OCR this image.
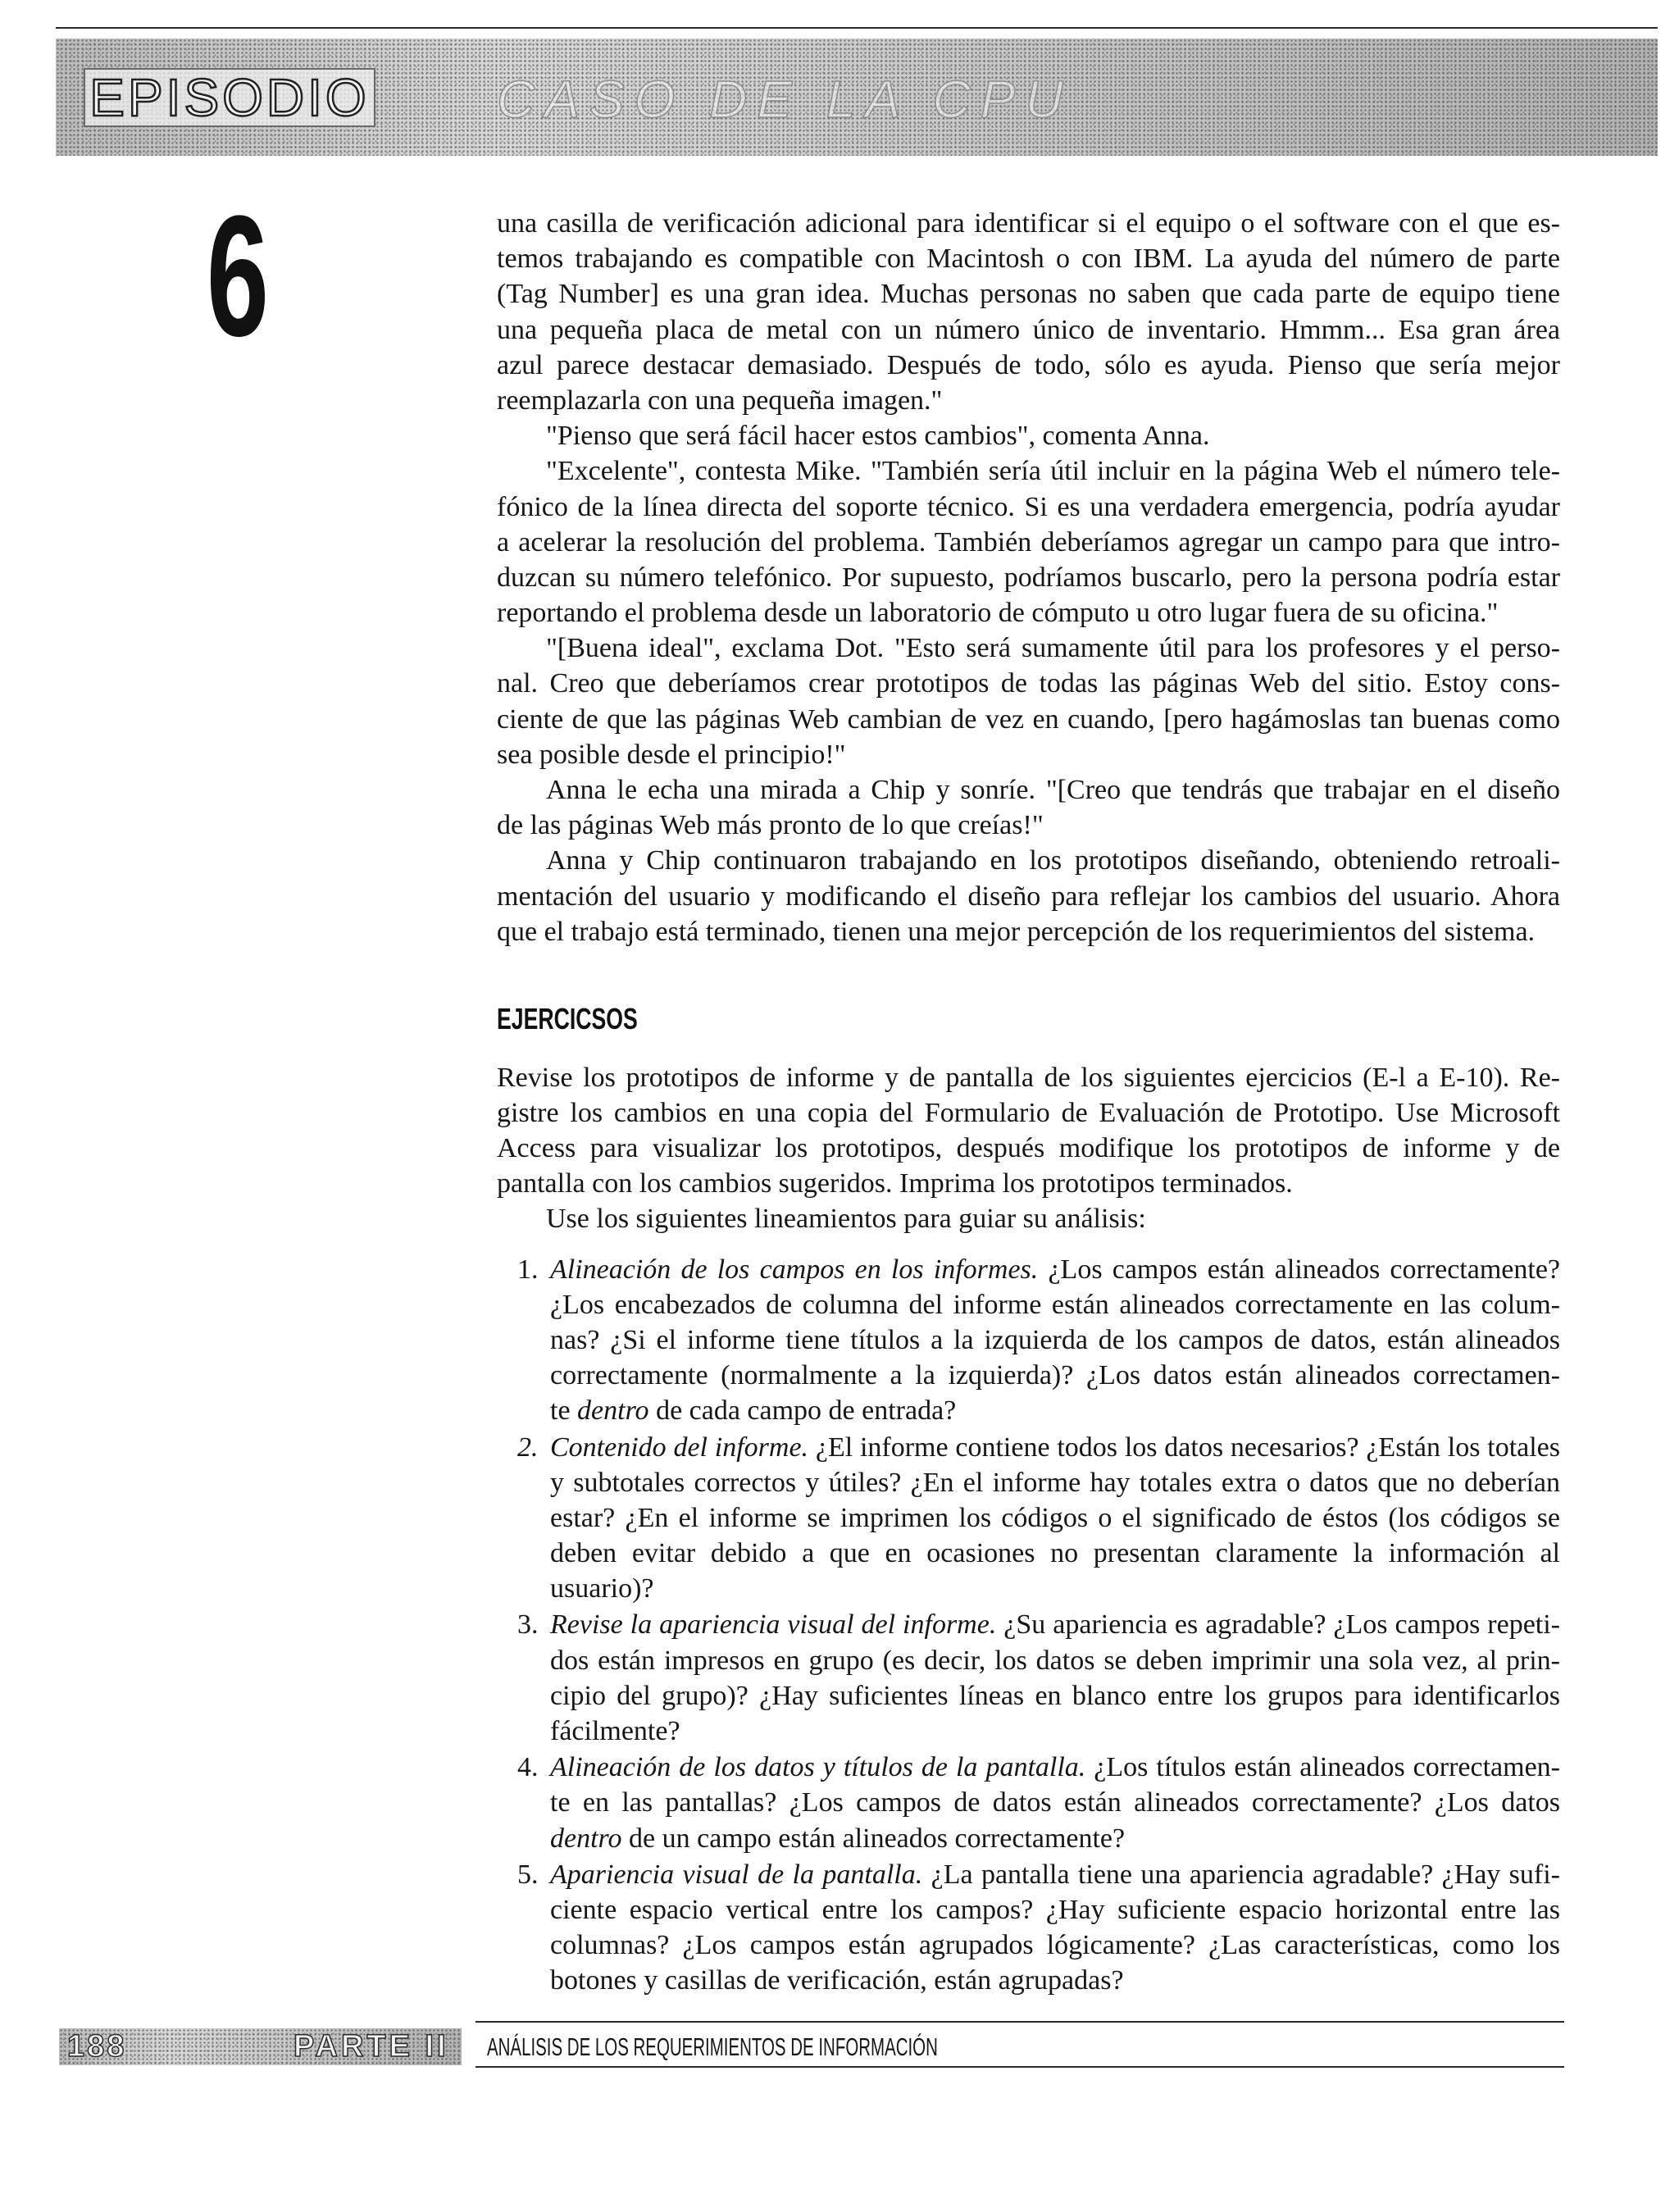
EPISODIO CASO DE LA CPU
6	una casilla de verificación adicional para identificar si el equipo o el software con el que es-
temos trabajando es compatible con Macintosh o con IBM. La ayuda del número de parte
(Tag Number] es una gran idea. Muchas personas no saben que cada parte de equipo tiene
una pequeña placa de metal con un número único de inventario. Hmmm... Esa gran área
azul parece destacar demasiado. Después de todo, sólo es ayuda. Pienso que sería mejor
reemplazarla con una pequeña imagen."
"Pienso que será fácil hacer estos cambios", comenta Anna.
"Excelente", contesta Mike. "También sería útil incluir en la página Web el número tele-
fónico de la línea directa del soporte técnico. Si es una verdadera emergencia, podría ayudar
a acelerar la resolución del problema. También deberíamos agregar un campo para que intro-
duzcan su número telefónico. Por supuesto, podríamos buscarlo, pero la persona podría estar
reportando el problema desde un laboratorio de cómputo u otro lugar fuera de su oficina."
"[Buena ideal", exclama Dot. "Esto será sumamente útil para los profesores y el perso-
nal. Creo que deberíamos crear prototipos de todas las páginas Web del sitio. Estoy cons-
ciente de que las páginas Web cambian de vez en cuando, [pero hagámoslas tan buenas como
sea posible desde el principio!"
Anna le echa una mirada a Chip y sonríe. "[Creo que tendrás que trabajar en el diseño
de las páginas Web más pronto de lo que creías!"
Anna y Chip continuaron trabajando en los prototipos diseñando, obteniendo retroali-
mentación del usuario y modificando el diseño para reflejar los cambios del usuario. Ahora
que el trabajo está terminado, tienen una mejor percepción de los requerimientos del sistema.
EJERCICSOS
Revise los prototipos de informe y de pantalla de los siguientes ejercicios (E-l a E-10). Re-
gistre los cambios en una copia del Formulario de Evaluación de Prototipo. Use Microsoft
Access para visualizar los prototipos, después modifique los prototipos de informe y de
pantalla con los cambios sugeridos. Imprima los prototipos terminados.
Use los siguientes lineamientos para guiar su análisis:
1. Alineación de los campos en los informes. ¿Los campos están alineados correctamente?
¿Los encabezados de columna del informe están alineados correctamente en las colum-
nas? ¿Si el informe tiene títulos a la izquierda de los campos de datos, están alineados
correctamente (normalmente a la izquierda)? ¿Los datos están alineados correctamen-
te dentro de cada campo de entrada?
2. Contenido del informe. ¿El informe contiene todos los datos necesarios? ¿Están los totales
y subtotales correctos y útiles? ¿En el informe hay totales extra o datos que no deberían
estar? ¿En el informe se imprimen los códigos o el significado de éstos (los códigos se
deben evitar debido a que en ocasiones no presentan claramente la información al
usuario)?
3. Revise la apariencia visual del informe. ¿Su apariencia es agradable? ¿Los campos repeti-
dos están impresos en grupo (es decir, los datos se deben imprimir una sola vez, al prin-
cipio del grupo)? ¿Hay suficientes líneas en blanco entre los grupos para identificarlos
fácilmente?
4. Alineación de los datos y títulos de la pantalla. ¿Los títulos están alineados correctamen-
te en las pantallas? ¿Los campos de datos están alineados correctamente? ¿Los datos
dentro de un campo están alineados correctamente?
5. Apariencia visual de la pantalla. ¿La pantalla tiene una apariencia agradable? ¿Hay sufi-
ciente espacio vertical entre los campos? ¿Hay suficiente espacio horizontal entre las
columnas? ¿Los campos están agrupados lógicamente? ¿Las características, como los
botones y casillas de verificación, están agrupadas?
188	PARTE II ANÁLISIS DE LOS REQUERIMIENTOS DE INFORMACIÓN
